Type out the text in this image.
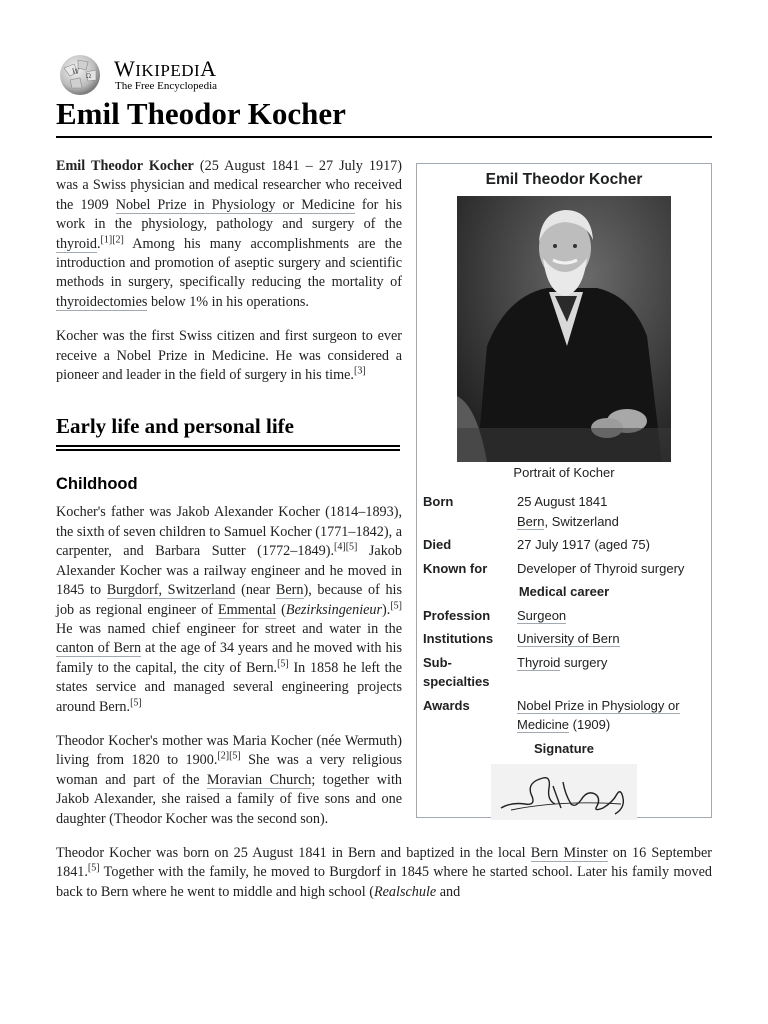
W
Ω WIKIPEDIA
The Free Encyclopedia
Emil Theodor Kocher
Emil Theodor Kocher
Portrait of Kocher
Born	25 August 1841
Bern, Switzerland
Died	27 July 1917 (aged 75)
Known for	Developer of Thyroid surgery
Medical career	
Profession	Surgeon
Institutions	University of Bern
Sub-specialties	Thyroid surgery
Awards	Nobel Prize in Physiology or Medicine (1909)
Signature	

Emil Theodor Kocher (25 August 1841 – 27 July 1917) was a Swiss physician and medical researcher who received the 1909 Nobel Prize in Physiology or Medicine for his work in the physiology, pathology and surgery of the thyroid.[1][2] Among his many accomplishments are the introduction and promotion of aseptic surgery and scientific methods in surgery, specifically reducing the mortality of thyroidectomies below 1% in his operations.

Kocher was the first Swiss citizen and first surgeon to ever receive a Nobel Prize in Medicine. He was considered a pioneer and leader in the field of surgery in his time.[3]

Early life and personal life
Childhood

Kocher's father was Jakob Alexander Kocher (1814–1893), the sixth of seven children to Samuel Kocher (1771–1842), a carpenter, and Barbara Sutter (1772–1849).[4][5] Jakob Alexander Kocher was a railway engineer and he moved in 1845 to Burgdorf, Switzerland (near Bern), because of his job as regional engineer of Emmental (Bezirksingenieur).[5] He was named chief engineer for street and water in the canton of Bern at the age of 34 years and he moved with his family to the capital, the city of Bern.[5] In 1858 he left the states service and managed several engineering projects around Bern.[5]

Theodor Kocher's mother was Maria Kocher (née Wermuth) living from 1820 to 1900.[2][5] She was a very religious woman and part of the Moravian Church; together with Jakob Alexander, she raised a family of five sons and one daughter (Theodor Kocher was the second son).

Theodor Kocher was born on 25 August 1841 in Bern and baptized in the local Bern Minster on 16 September 1841.[5] Together with the family, he moved to Burgdorf in 1845 where he started school. Later his family moved back to Bern where he went to middle and high school (Realschule and
